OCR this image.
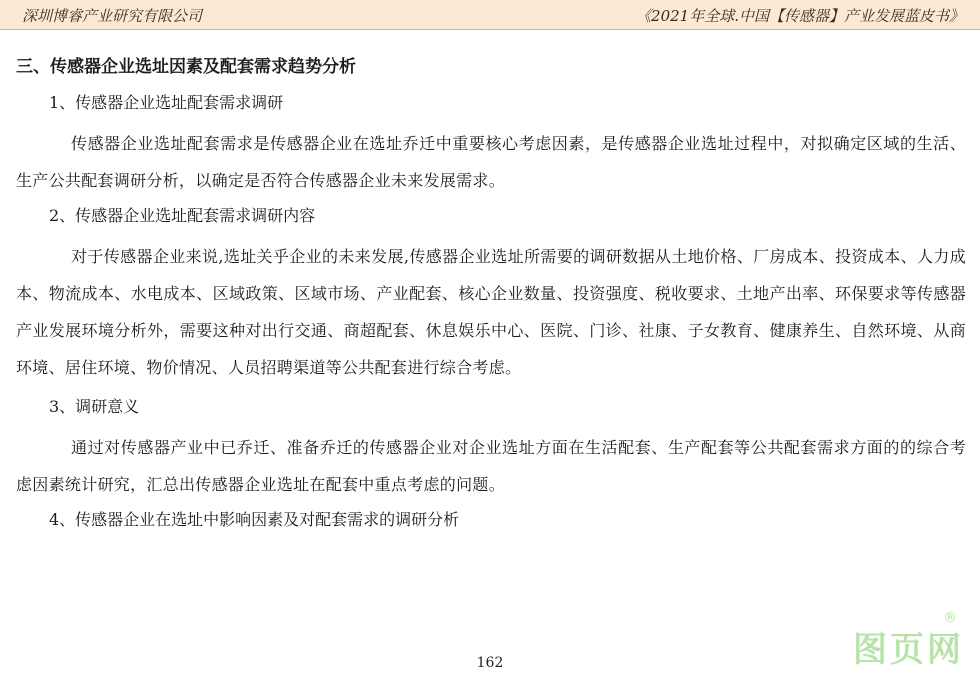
深圳博睿产业研究有限公司	《2021年全球.中国【传感器】产业发展蓝皮书》

三、传感器企业选址因素及配套需求趋势分析

1、传感器企业选址配套需求调研

传感器企业选址配套需求是传感器企业在选址乔迁中重要核心考虑因素，是传感器企业选址过程中，对拟确定区域的生活、生产公共配套调研分析，以确定是否符合传感器企业未来发展需求。

2、传感器企业选址配套需求调研内容

对于传感器企业来说,选址关乎企业的未来发展,传感器企业选址所需要的调研数据从土地价格、厂房成本、投资成本、人力成本、物流成本、水电成本、区域政策、区域市场、产业配套、核心企业数量、投资强度、税收要求、土地产出率、环保要求等传感器产业发展环境分析外，需要这种对出行交通、商超配套、休息娱乐中心、医院、门诊、社康、子女教育、健康养生、自然环境、从商环境、居住环境、物价情况、人员招聘渠道等公共配套进行综合考虑。

3、调研意义

通过对传感器产业中已乔迁、准备乔迁的传感器企业对企业选址方面在生活配套、生产配套等公共配套需求方面的的综合考虑因素统计研究，汇总出传感器企业选址在配套中重点考虑的问题。

4、传感器企业在选址中影响因素及对配套需求的调研分析

162	图页网
®
